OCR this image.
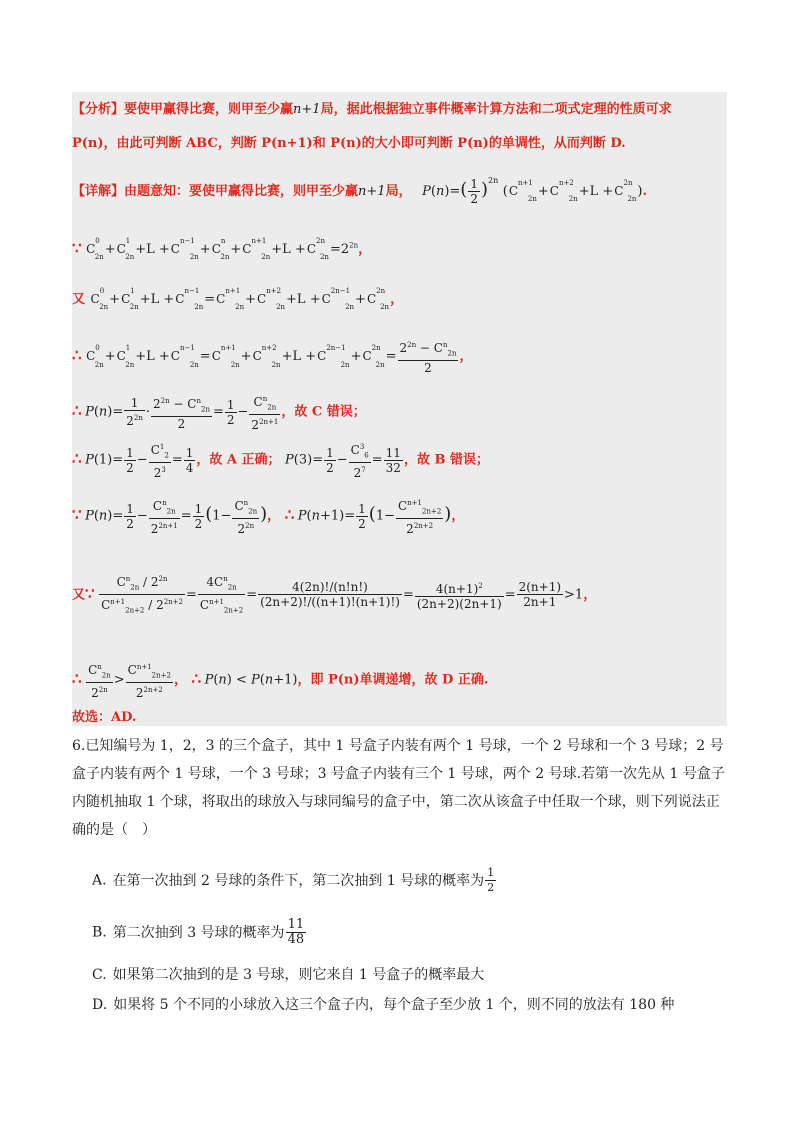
【分析】要使甲赢得比赛，则甲至少赢n+1局，据此根据独立事件概率计算方法和二项式定理的性质可求
P(n)，由此可判断 ABC，判断 P(n+1)和 P(n)的大小即可判断 P(n)的单调性，从而判断 D.
【详解】由题意知：要使甲赢得比赛，则甲至少赢n+1局， $P(n)=( \frac{1}{2} )^{2n}$ $(C^{n+1}_{2n}+C^{n+2}_{2n}+L +C^{2n}_{2n})$.
∵ $C^0_{2n}+C^1_{2n}+L +C^{n-1}_{2n}+C^n_{2n}+C^{n+1}_{2n}+L +C^{2n}_{2n}=2^{2n}$，
又 $C^0_{2n}+C^1_{2n}+L +C^{n-1}_{2n}=C^{n+1}_{2n}+C^{n+2}_{2n}+L +C^{2n-1}_{2n}+C^{2n}_{2n}$，
∴ $C^0_{2n}+C^1_{2n}+L +C^{n-1}_{2n}=C^{n+1}_{2n}+C^{n+2}_{2n}+L +C^{2n-1}_{2n}+C^{2n}_{2n}= \frac{2^{2n} - C^n_{2n}}{2}$ ，
∴ $P(n)= \frac{1}{2^{2n}} \cdot \frac{2^{2n} - C^n_{2n}}{2} = \frac{1}{2} - \frac{C^n_{2n}}{2^{2n+1}}$ ，故 C 错误；
∴ $P(1)= \frac{1}{2} - \frac{C^1_2}{2^3} = \frac{1}{4}$ ，故 A 正确； $P(3)= \frac{1}{2} - \frac{C^3_6}{2^7} = \frac{11}{32}$ ，故 B 错误；
∵ $P(n)= \frac{1}{2} - \frac{C^n_{2n}}{2^{2n+1}} = \frac{1}{2} (1- \frac{C^n_{2n}}{2^{2n}}$ )， ∴ $P(n+1)= \frac{1}{2} (1- \frac{C^{n+1}_{2n+2}}{2^{2n+2}}$ )，
又∵ $\frac{C^n_{2n} / 2^{2n}}{C^{n+1}_{2n+2} / 2^{2n+2}} = \frac{4C^n_{2n}}{C^{n+1}_{2n+2}} = \frac{4(2n)!/(n!n!)}{(2n+2)!/((n+1)!(n+1)!)} = \frac{4(n+1)^2}{(2n+2)(2n+1)} = \frac{2(n+1)}{2n+1} >1$，
∴ $\frac{C^n_{2n}}{2^{2n}} > \frac{C^{n+1}_{2n+2}}{2^{2n+2}}$ ， ∴ P(n) < P(n+1)，即 P(n)单调递增，故 D 正确.
故选：AD.
6.已知编号为 1，2，3 的三个盒子，其中 1 号盒子内装有两个 1 号球，一个 2 号球和一个 3 号球；2 号盒子内装有两个 1 号球，一个 3 号球；3 号盒子内装有三个 1 号球，两个 2 号球.若第一次先从 1 号盒子内随机抽取 1 个球，将取出的球放入与球同编号的盒子中，第二次从该盒子中任取一个球，则下列说法正确的是（　）
A. 在第一次抽到 2 号球的条件下，第二次抽到 1 号球的概率为 $\frac{1}{2}$
B. 第二次抽到 3 号球的概率为 $\frac{11}{48}$
C. 如果第二次抽到的是 3 号球，则它来自 1 号盒子的概率最大
D. 如果将 5 个不同的小球放入这三个盒子内，每个盒子至少放 1 个，则不同的放法有 180 种
